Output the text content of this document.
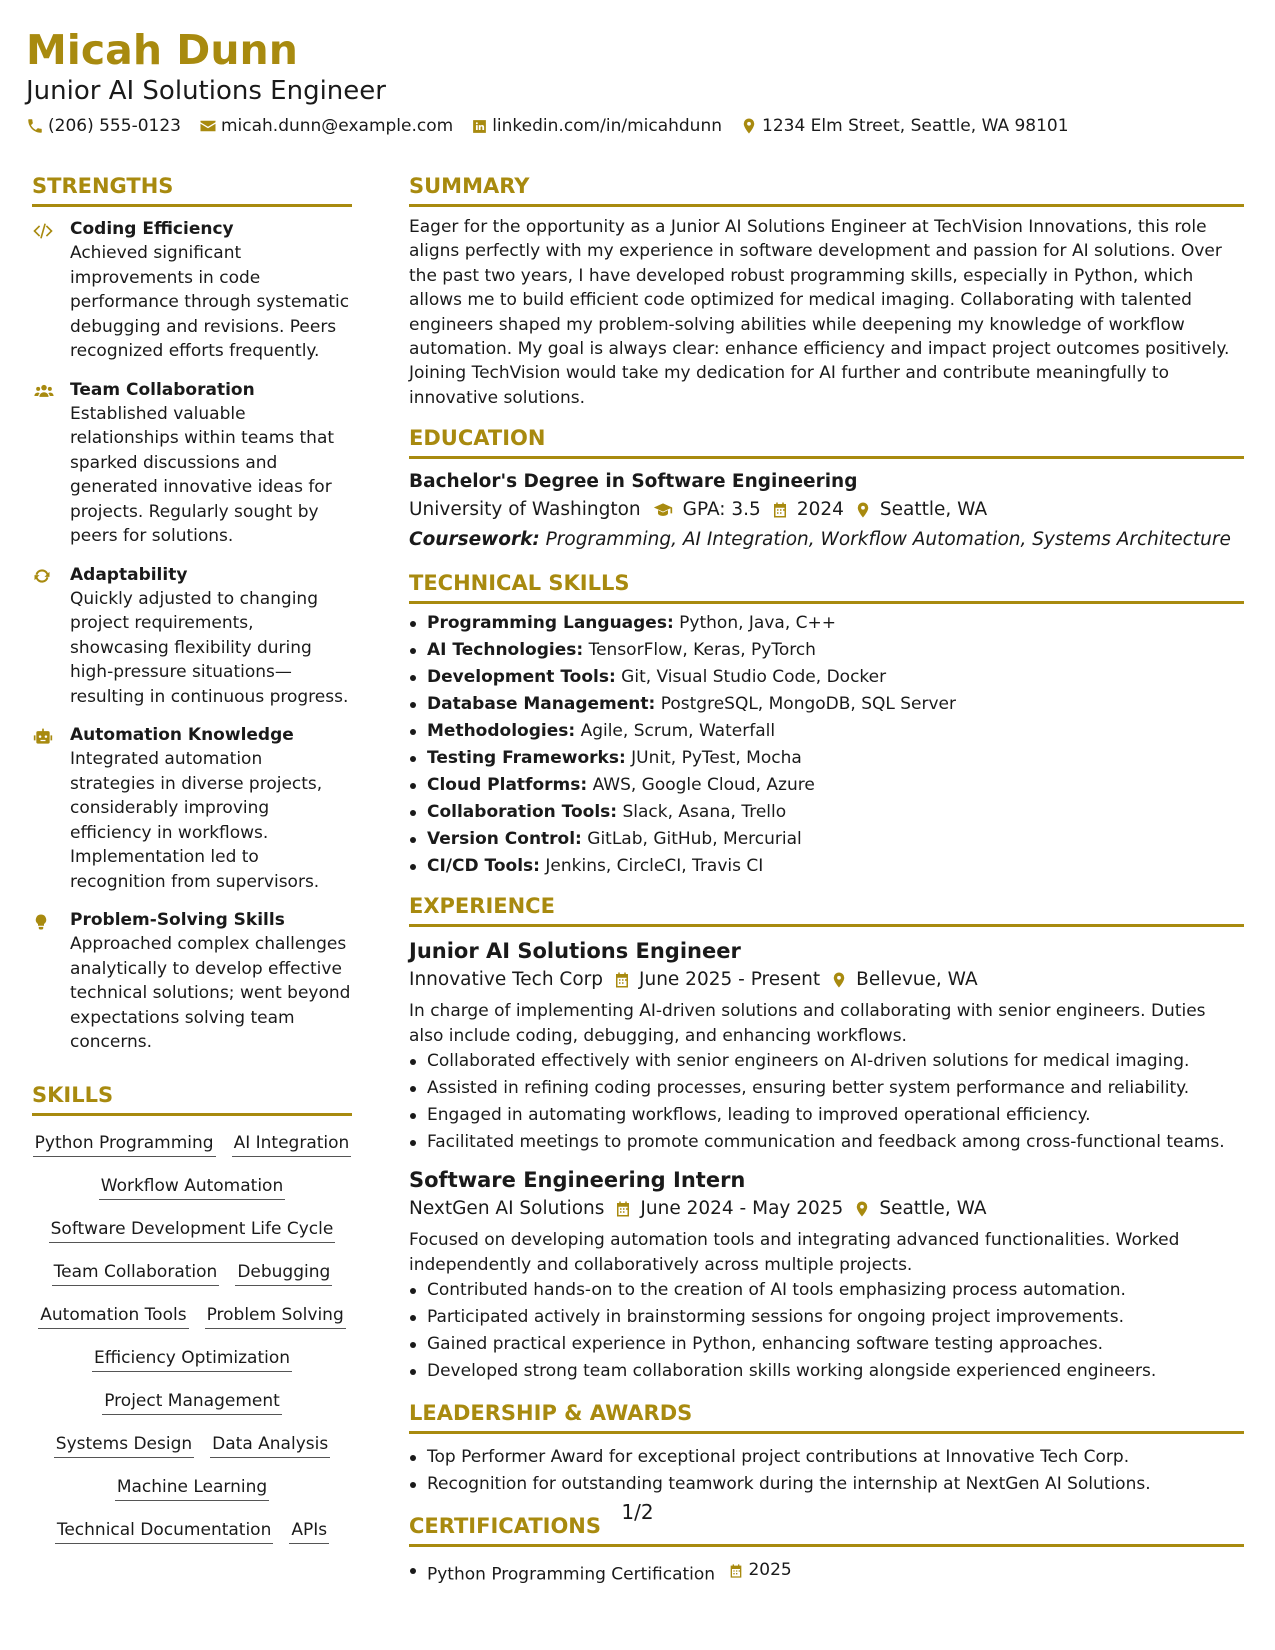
Micah Dunn
Junior AI Solutions Engineer
(206) 555-0123 micah.dunn@example.com linkedin.com/in/micahdunn 1234 Elm Street, Seattle, WA 98101
STRENGTHS
Coding Efficiency
Achieved significant improvements in code performance through systematic debugging and revisions. Peers recognized efforts frequently.
Team Collaboration
Established valuable relationships within teams that sparked discussions and generated innovative ideas for projects. Regularly sought by peers for solutions.
Adaptability
Quickly adjusted to changing project requirements, showcasing flexibility during high-pressure situations—resulting in continuous progress.
Automation Knowledge
Integrated automation strategies in diverse projects, considerably improving efficiency in workflows. Implementation led to recognition from supervisors.
Problem-Solving Skills
Approached complex challenges analytically to develop effective technical solutions; went beyond expectations solving team concerns.
SKILLS
Python Programming AI Integration
Workflow Automation
Software Development Life Cycle
Team Collaboration Debugging
Automation Tools Problem Solving
Efficiency Optimization
Project Management
Systems Design Data Analysis
Machine Learning
Technical Documentation APIs
SUMMARY
Eager for the opportunity as a Junior AI Solutions Engineer at TechVision Innovations, this role aligns perfectly with my experience in software development and passion for AI solutions. Over the past two years, I have developed robust programming skills, especially in Python, which allows me to build efficient code optimized for medical imaging. Collaborating with talented engineers shaped my problem-solving abilities while deepening my knowledge of workflow automation. My goal is always clear: enhance efficiency and impact project outcomes positively. Joining TechVision would take my dedication for AI further and contribute meaningfully to innovative solutions.
EDUCATION
Bachelor's Degree in Software Engineering
University of Washington GPA: 3.5 2024 Seattle, WA
Coursework: Programming, AI Integration, Workflow Automation, Systems Architecture
TECHNICAL SKILLS
Programming Languages: Python, Java, C++
AI Technologies: TensorFlow, Keras, PyTorch
Development Tools: Git, Visual Studio Code, Docker
Database Management: PostgreSQL, MongoDB, SQL Server
Methodologies: Agile, Scrum, Waterfall
Testing Frameworks: JUnit, PyTest, Mocha
Cloud Platforms: AWS, Google Cloud, Azure
Collaboration Tools: Slack, Asana, Trello
Version Control: GitLab, GitHub, Mercurial
CI/CD Tools: Jenkins, CircleCI, Travis CI
EXPERIENCE
Junior AI Solutions Engineer
Innovative Tech Corp June 2025 - Present Bellevue, WA
In charge of implementing AI-driven solutions and collaborating with senior engineers. Duties also include coding, debugging, and enhancing workflows.
Collaborated effectively with senior engineers on AI-driven solutions for medical imaging.
Assisted in refining coding processes, ensuring better system performance and reliability.
Engaged in automating workflows, leading to improved operational efficiency.
Facilitated meetings to promote communication and feedback among cross-functional teams.
Software Engineering Intern
NextGen AI Solutions June 2024 - May 2025 Seattle, WA
Focused on developing automation tools and integrating advanced functionalities. Worked independently and collaboratively across multiple projects.
Contributed hands-on to the creation of AI tools emphasizing process automation.
Participated actively in brainstorming sessions for ongoing project improvements.
Gained practical experience in Python, enhancing software testing approaches.
Developed strong team collaboration skills working alongside experienced engineers.
LEADERSHIP & AWARDS
Top Performer Award for exceptional project contributions at Innovative Tech Corp.
Recognition for outstanding teamwork during the internship at NextGen AI Solutions.
CERTIFICATIONS
Python Programming Certification 2025
1/2
